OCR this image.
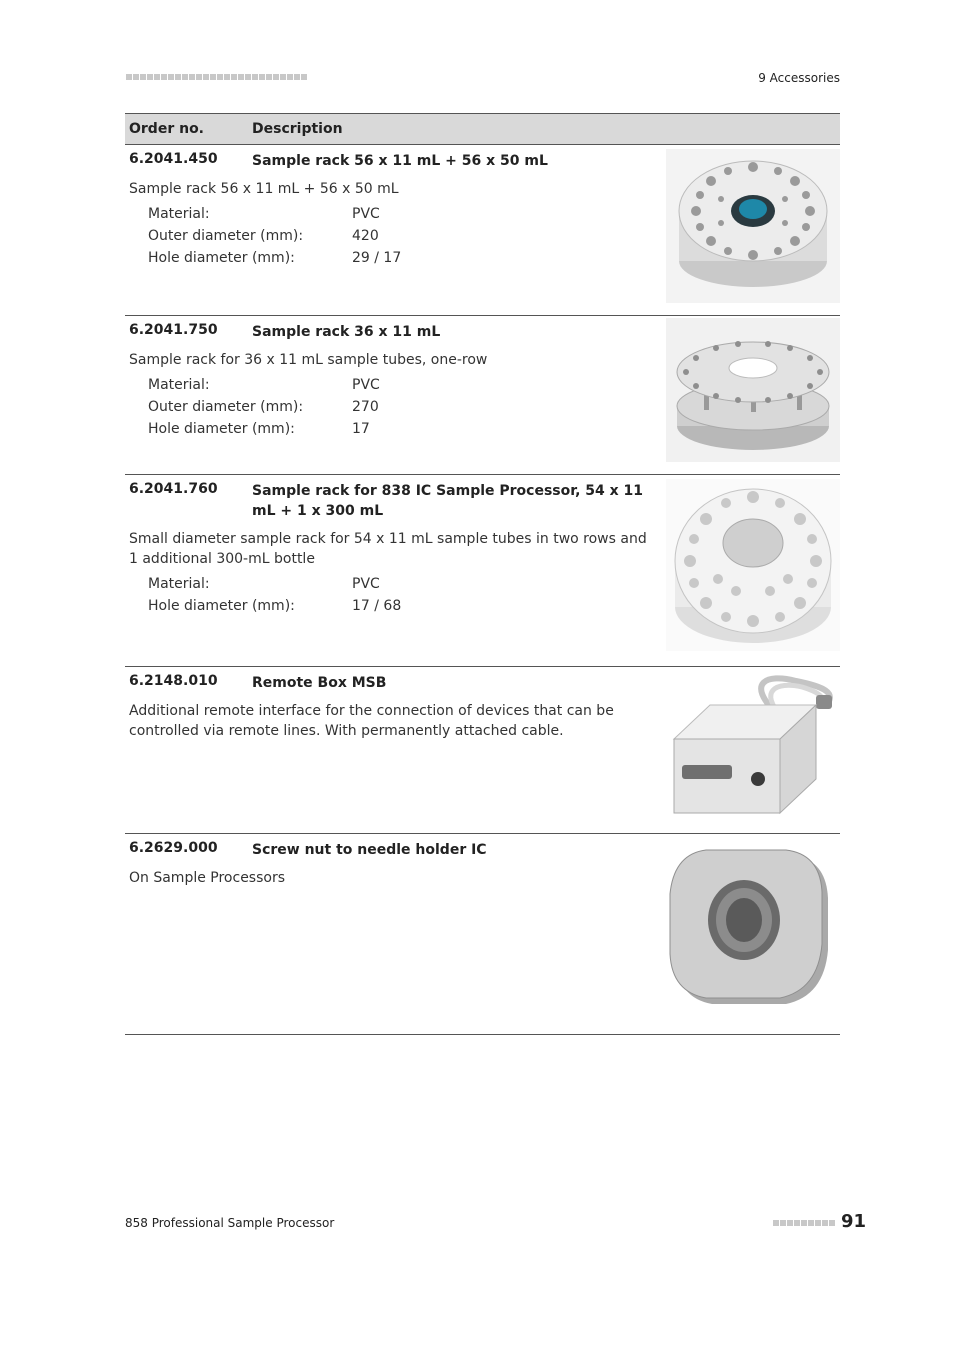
9 Accessories
Order no.	Description
6.2041.450	Sample rack 56 x 11 mL + 56 x 50 mL
Sample rack 56 x 11 mL + 56 x 50 mL
Material:	PVC
Outer diameter (mm):	420
Hole diameter (mm):	29 / 17
6.2041.750	Sample rack 36 x 11 mL
Sample rack for 36 x 11 mL sample tubes, one-row
Material:	PVC
Outer diameter (mm):	270
Hole diameter (mm):	17
6.2041.760	Sample rack for 838 IC Sample Processor, 54 x 11 mL + 1 x 300 mL
Small diameter sample rack for 54 x 11 mL sample tubes in two rows and 1 additional 300-mL bottle
Material:	PVC
Hole diameter (mm):	17 / 68
6.2148.010	Remote Box MSB
Additional remote interface for the connection of devices that can be controlled via remote lines. With permanently attached cable.
6.2629.000	Screw nut to needle holder IC
On Sample Processors
858 Professional Sample Processor	91
